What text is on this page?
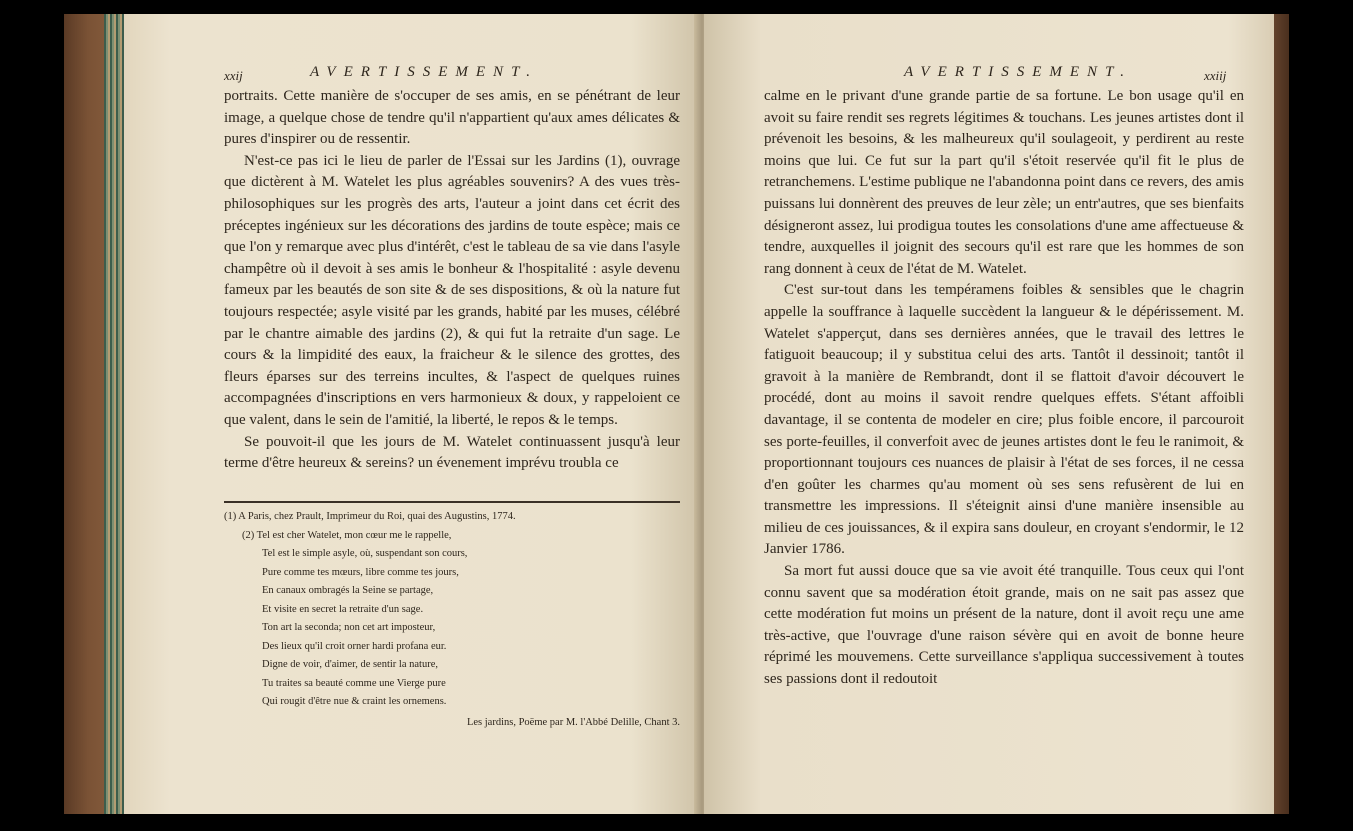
xxij	AVERTISSEMENT.

portraits. Cette manière de s'occuper de ses amis, en se pénétrant de leur image, a quelque chose de tendre qu'il n'appartient qu'aux ames délicates & pures d'inspirer ou de ressentir.

N'est-ce pas ici le lieu de parler de l'Essai sur les Jardins (1), ouvrage que dictèrent à M. Watelet les plus agréables souvenirs? A des vues très-philosophiques sur les progrès des arts, l'auteur a joint dans cet écrit des préceptes ingénieux sur les décorations des jardins de toute espèce; mais ce que l'on y remarque avec plus d'intérêt, c'est le tableau de sa vie dans l'asyle champêtre où il devoit à ses amis le bonheur & l'hospitalité : asyle devenu fameux par les beautés de son site & de ses dispositions, & où la nature fut toujours respectée; asyle visité par les grands, habité par les muses, célébré par le chantre aimable des jardins (2), & qui fut la retraite d'un sage. Le cours & la limpidité des eaux, la fraicheur & le silence des grottes, des fleurs éparses sur des terreins incultes, & l'aspect de quelques ruines accompagnées d'inscriptions en vers harmonieux & doux, y rappeloient ce que valent, dans le sein de l'amitié, la liberté, le repos & le temps.

Se pouvoit-il que les jours de M. Watelet continuassent jusqu'à leur terme d'être heureux & sereins? un évenement imprévu troubla ce

(1) A Paris, chez Prault, Imprimeur du Roi, quai des Augustins, 1774.

(2) Tel est cher Watelet, mon cœur me le rappelle,

Tel est le simple asyle, où, suspendant son cours,

Pure comme tes mœurs, libre comme tes jours,

En canaux ombragés la Seine se partage,

Et visite en secret la retraite d'un sage.

Ton art la seconda; non cet art imposteur,

Des lieux qu'il croit orner hardi profana eur.

Digne de voir, d'aimer, de sentir la nature,

Tu traites sa beauté comme une Vierge pure

Qui rougit d'être nue & craint les ornemens.

Les jardins, Poëme par M. l'Abbé Delille, Chant 3.

AVERTISSEMENT.	xxiij

calme en le privant d'une grande partie de sa fortune. Le bon usage qu'il en avoit su faire rendit ses regrets légitimes & touchans. Les jeunes artistes dont il prévenoit les besoins, & les malheureux qu'il soulageoit, y perdirent au reste moins que lui. Ce fut sur la part qu'il s'étoit reservée qu'il fit le plus de retranchemens. L'estime publique ne l'abandonna point dans ce revers, des amis puissans lui donnèrent des preuves de leur zèle; un entr'autres, que ses bienfaits désigneront assez, lui prodigua toutes les consolations d'une ame affectueuse & tendre, auxquelles il joignit des secours qu'il est rare que les hommes de son rang donnent à ceux de l'état de M. Watelet.

C'est sur-tout dans les tempéramens foibles & sensibles que le chagrin appelle la souffrance à laquelle succèdent la langueur & le dépérissement. M. Watelet s'apperçut, dans ses dernières années, que le travail des lettres le fatiguoit beaucoup; il y substitua celui des arts. Tantôt il dessinoit; tantôt il gravoit à la manière de Rembrandt, dont il se flattoit d'avoir découvert le procédé, dont au moins il savoit rendre quelques effets. S'étant affoibli davantage, il se contenta de modeler en cire; plus foible encore, il parcouroit ses porte-feuilles, il converfoit avec de jeunes artistes dont le feu le ranimoit, & proportionnant toujours ces nuances de plaisir à l'état de ses forces, il ne cessa d'en goûter les charmes qu'au moment où ses sens refusèrent de lui en transmettre les impressions. Il s'éteignit ainsi d'une manière insensible au milieu de ces jouissances, & il expira sans douleur, en croyant s'endormir, le 12 Janvier 1786.

Sa mort fut aussi douce que sa vie avoit été tranquille. Tous ceux qui l'ont connu savent que sa modération étoit grande, mais on ne sait pas assez que cette modération fut moins un présent de la nature, dont il avoit reçu une ame très-active, que l'ouvrage d'une raison sévère qui en avoit de bonne heure réprimé les mouvemens. Cette surveillance s'appliqua successivement à toutes ses passions dont il redoutoit
